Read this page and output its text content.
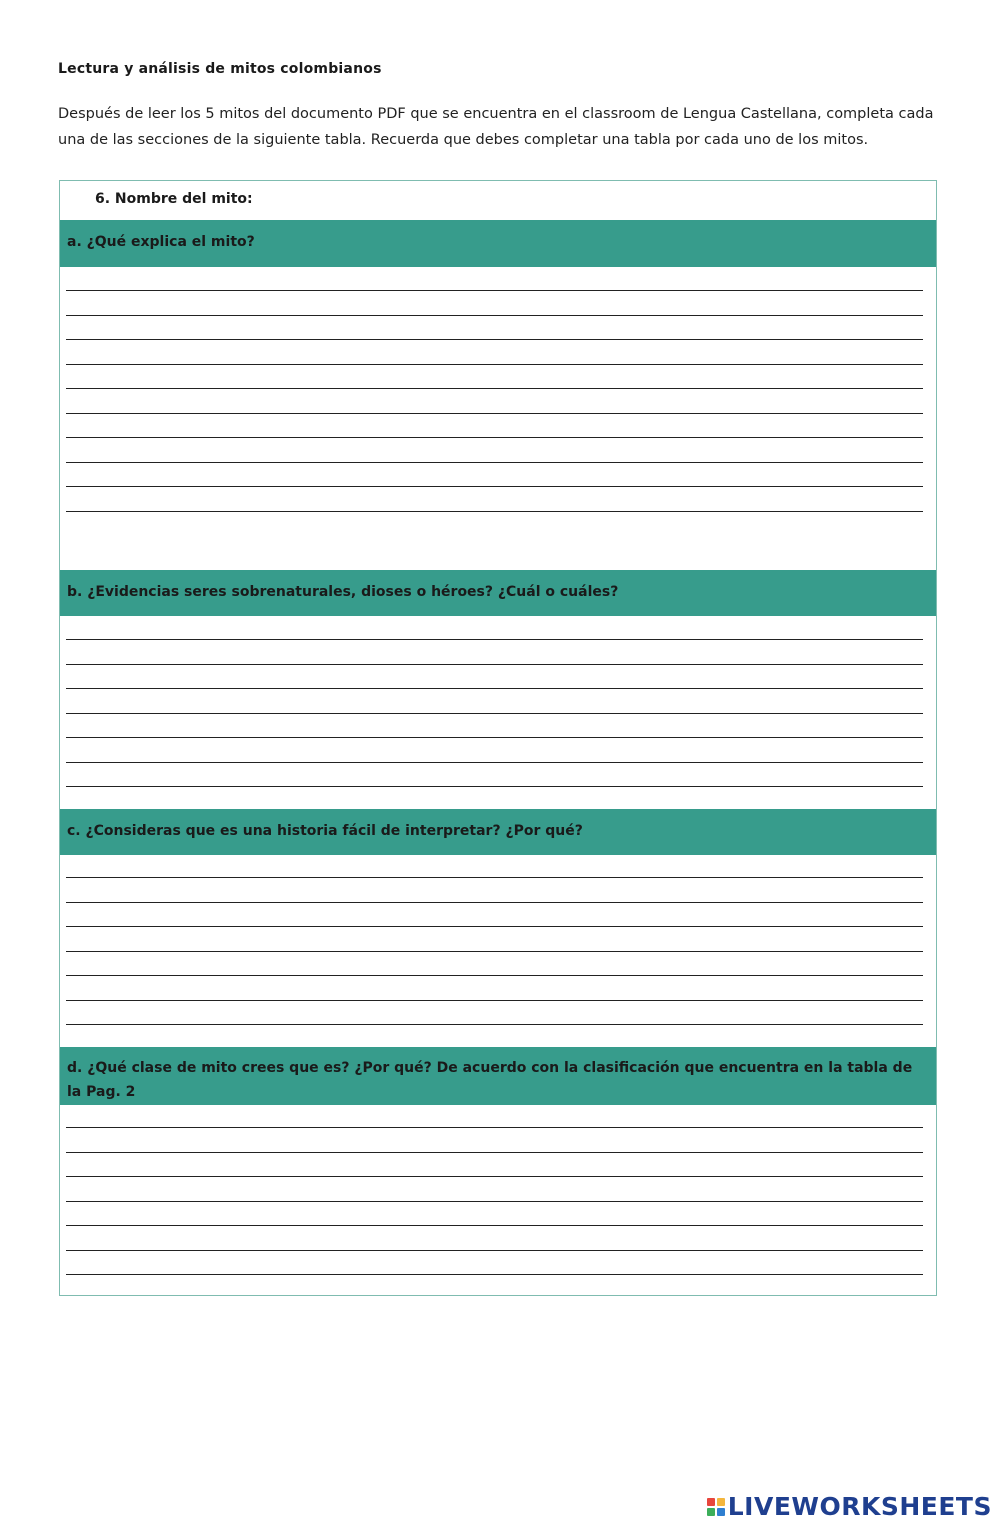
Lectura y análisis de mitos colombianos
Después de leer los 5 mitos del documento PDF que se encuentra en el classroom de Lengua Castellana, completa cada una de las secciones de la siguiente tabla. Recuerda que debes completar una tabla por cada uno de los mitos.
6. Nombre del mito:
a. ¿Qué explica el mito?
b. ¿Evidencias seres sobrenaturales, dioses o héroes? ¿Cuál o cuáles?
c. ¿Consideras que es una historia fácil de interpretar? ¿Por qué?
d. ¿Qué clase de mito crees que es? ¿Por qué? De acuerdo con la clasificación que encuentra en la tabla de la Pag. 2
LIVEWORKSHEETS
